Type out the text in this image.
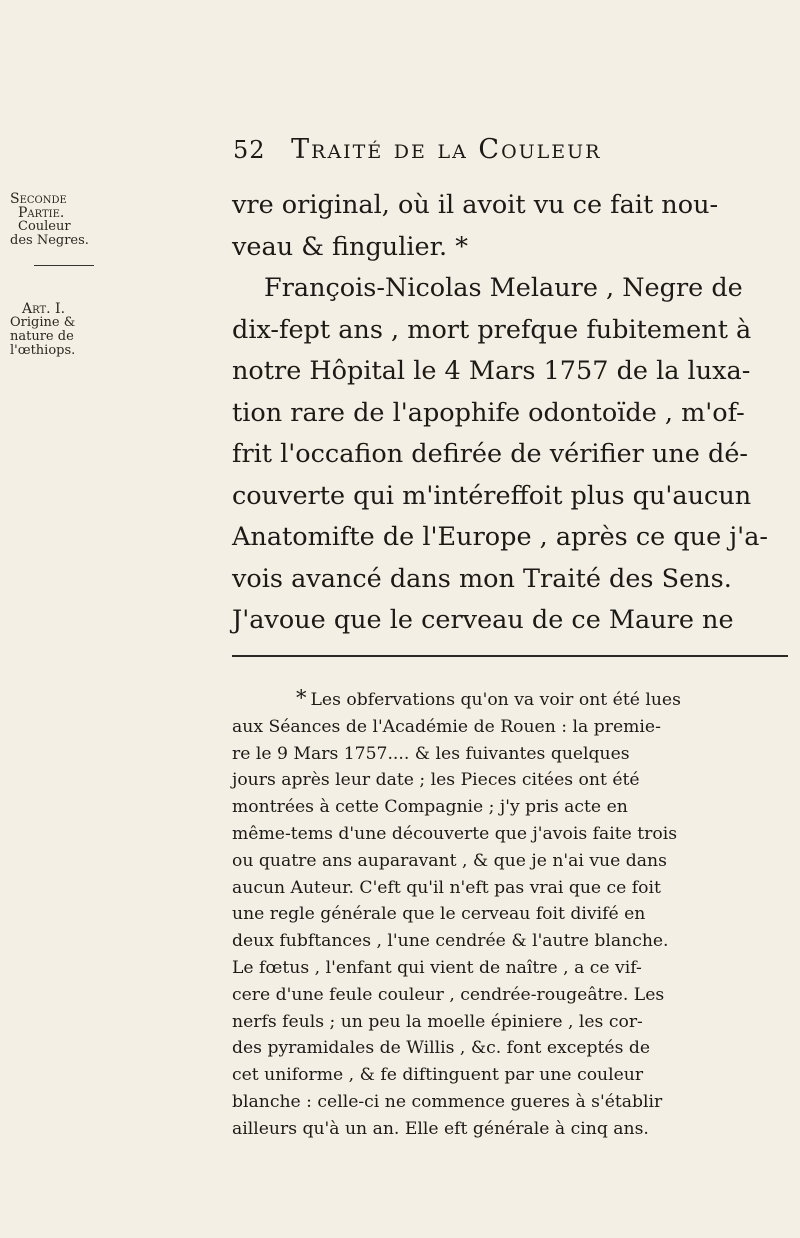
52 Traité de la Couleur
Seconde
Partie.
Couleur
des Negres.
Art. I.
Origine &
nature de
l'œthiops.
vre original, où il avoit vu ce fait nou-
veau & fingulier. *
François-Nicolas Melaure , Negre de
dix-fept ans , mort prefque fubitement à
notre Hôpital le 4 Mars 1757 de la luxa-
tion rare de l'apophife odontoïde , m'of-
frit l'occafion defirée de vérifier une dé-
couverte qui m'intéreffoit plus qu'aucun
Anatomifte de l'Europe , après ce que j'a-
vois avancé dans mon Traité des Sens.
J'avoue que le cerveau de ce Maure ne
* Les obfervations qu'on va voir ont été lues
aux Séances de l'Académie de Rouen : la premie-
re le 9 Mars 1757.... & les fuivantes quelques
jours après leur date ; les Pieces citées ont été
montrées à cette Compagnie ; j'y pris acte en
même-tems d'une découverte que j'avois faite trois
ou quatre ans auparavant , & que je n'ai vue dans
aucun Auteur. C'eft qu'il n'eft pas vrai que ce foit
une regle générale que le cerveau foit divifé en
deux fubftances , l'une cendrée & l'autre blanche.
Le fœtus , l'enfant qui vient de naître , a ce vif-
cere d'une feule couleur , cendrée-rougeâtre. Les
nerfs feuls ; un peu la moelle épiniere , les cor-
des pyramidales de Willis , &c. font exceptés de
cet uniforme , & fe diftinguent par une couleur
blanche : celle-ci ne commence gueres à s'établir
ailleurs qu'à un an. Elle eft générale à cinq ans.
